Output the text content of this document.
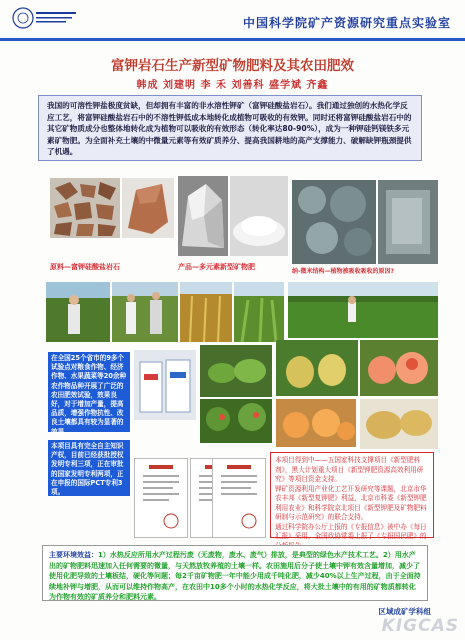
中国科学院矿产资源研究重点实验室
富钾岩石生产新型矿物肥料及其农田肥效
韩成 刘建明 李 禾 刘善科 盛学斌 齐鑫
我国的可溶性钾盐极度贫缺，但却拥有丰富的非水溶性钾矿（富钾硅酸盐岩石）。我们通过独创的水热化学反应工艺，将富钾硅酸盐岩石中的不溶性钾低成本地转化成植物可吸收的有效钾。同时还将富钾硅酸盐岩石中的其它矿物质成分也整体地转化成为植物可以吸收的有效形态（转化率达80-90%），成为一种钾硅钙镁铁多元素矿物肥。为全面补充土壤的中微量元素等有效矿质养分、提高我国耕地的高产支撑能力、破解缺钾瓶颈提供了机遇。
原料—富钾硅酸盐岩石	产品—多元素新型矿物肥
纳-微米结构—植物被吸收吸收的原因?
在全国25个省市的9多个试验点对粮食作物、经济作物、水果蔬菜等20余种农作物品种开展了广泛的农田肥效试验，效果良好，对于增加产量，提高品质，增强作物抗性、改良土壤都具有较为显著的效果。
本项目具有完全自主知识产权，目前已经获批授权发明专利三项，正在审批的国家发明专利两项，正在申报的国际PCT专利3项。
本项目得到中——五国家科技支撑项目《新型肥料剂》，黑大计划重大项目《新型钾肥资源高效利用研究》等项目资金支持。
钾矿资源利用产业化工艺开发研究等课题，北京市华农丰邦《新型复钾肥》利益，北京市科委《新型钾肥利用农业》和科学院京北项目《新型钾肥及矿物肥料研制与示范研究》的联合支持。
通过科学院办公厅上报的《专报信息》被中办《每日汇报》采用，全国政协常委上报了《专报国民肥》的
主要环境效益：1）水热反应所用水产过程污废（无废物，废水、废气）排放，是典型的绿色水产技术工艺。2）用水产出的矿物肥料迅速加入任何需要的微量，与天然放牧养殖的土壤一样。农田施用后分子使土壤中钾有效含量增加，减少了使用化肥导致的土壤板结，硬化等问题；每2千亩矿物肥一年中能少用成千吨化肥，减少40%以上生产过程，由于全面持续地补钾与增肥，从而可以维持作物高产，在农田中10多个小时的水热化学反应，将大批土壤中的有用的矿物质都转化为作物有效的矿质养分和肥料元素。
区域成矿学科组
KIGCAS
